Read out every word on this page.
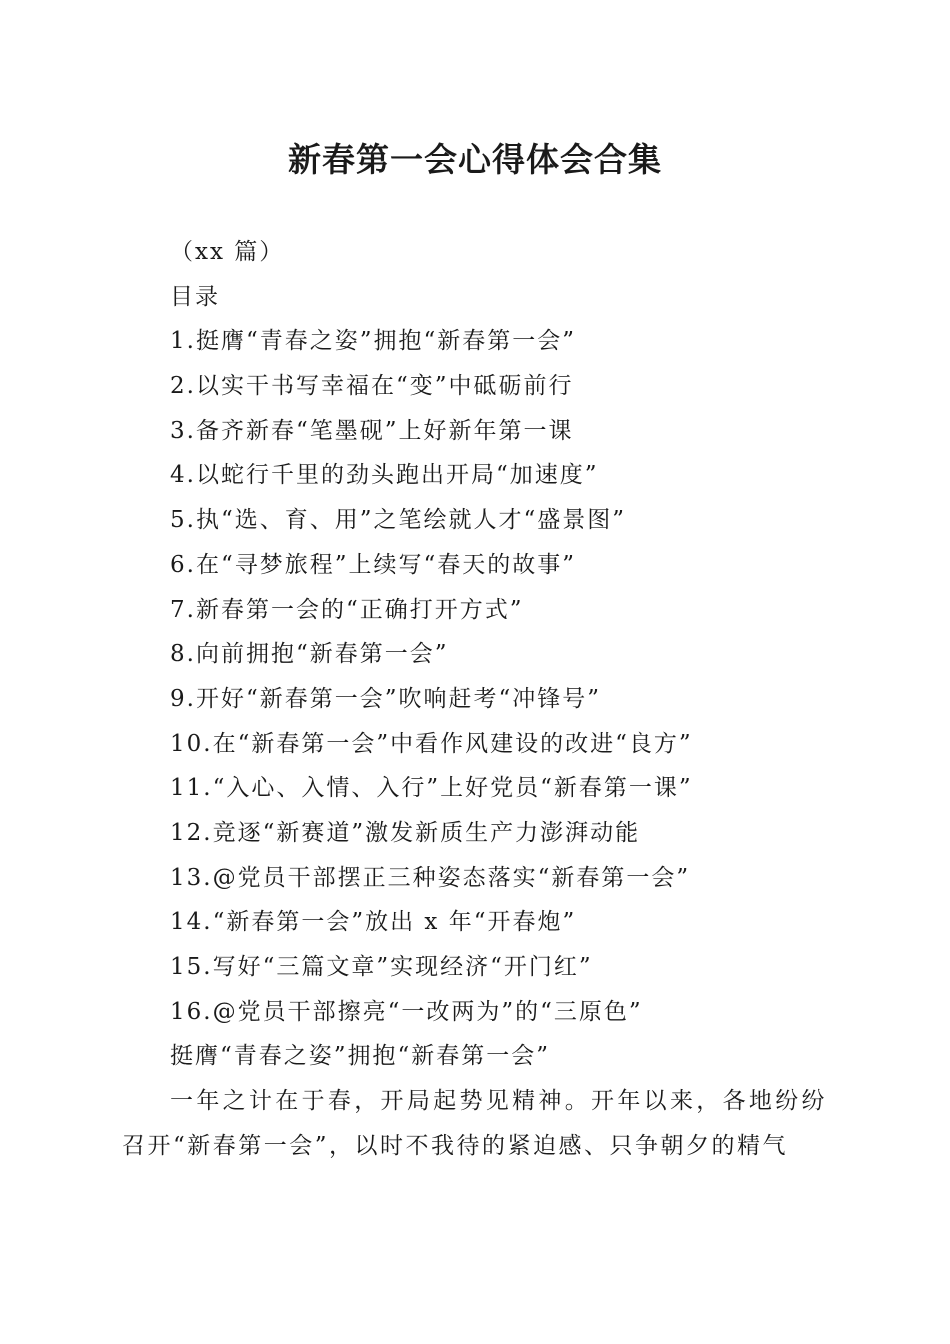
新春第一会心得体会合集
（xx 篇）
目录
1.挺膺“青春之姿”拥抱“新春第一会”
2.以实干书写幸福在“变”中砥砺前行
3.备齐新春“笔墨砚”上好新年第一课
4.以蛇行千里的劲头跑出开局“加速度”
5.执“选、育、用”之笔绘就人才“盛景图”
6.在“寻梦旅程”上续写“春天的故事”
7.新春第一会的“正确打开方式”
8.向前拥抱“新春第一会”
9.开好“新春第一会”吹响赶考“冲锋号”
10.在“新春第一会”中看作风建设的改进“良方”
11.“入心、入情、入行”上好党员“新春第一课”
12.竞逐“新赛道”激发新质生产力澎湃动能
13.@党员干部摆正三种姿态落实“新春第一会”
14.“新春第一会”放出 x 年“开春炮”
15.写好“三篇文章”实现经济“开门红”
16.@党员干部擦亮“一改两为”的“三原色”
挺膺“青春之姿”拥抱“新春第一会”
一年之计在于春，开局起势见精神。开年以来，各地纷纷召开“新春第一会”，以时不我待的紧迫感、只争朝夕的精气
